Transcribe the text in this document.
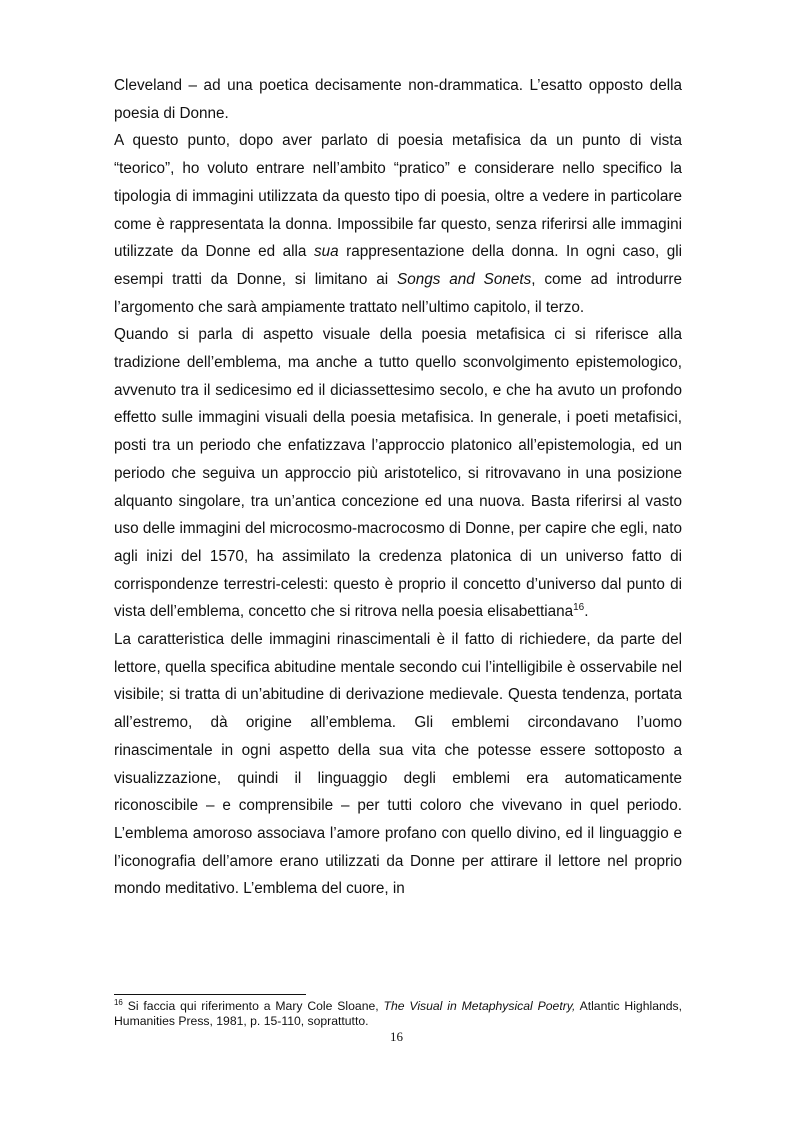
Cleveland – ad una poetica decisamente non-drammatica. L’esatto opposto della poesia di Donne.

A questo punto, dopo aver parlato di poesia metafisica da un punto di vista “teorico”, ho voluto entrare nell’ambito “pratico” e considerare nello specifico la tipologia di immagini utilizzata da questo tipo di poesia, oltre a vedere in particolare come è rappresentata la donna. Impossibile far questo, senza riferirsi alle immagini utilizzate da Donne ed alla sua rappresentazione della donna. In ogni caso, gli esempi tratti da Donne, si limitano ai Songs and Sonets, come ad introdurre l’argomento che sarà ampiamente trattato nell’ultimo capitolo, il terzo.

Quando si parla di aspetto visuale della poesia metafisica ci si riferisce alla tradizione dell’emblema, ma anche a tutto quello sconvolgimento epistemologico, avvenuto tra il sedicesimo ed il diciassettesimo secolo, e che ha avuto un profondo effetto sulle immagini visuali della poesia metafisica. In generale, i poeti metafisici, posti tra un periodo che enfatizzava l’approccio platonico all’epistemologia, ed un periodo che seguiva un approccio più aristotelico, si ritrovavano in una posizione alquanto singolare, tra un’antica concezione ed una nuova. Basta riferirsi al vasto uso delle immagini del microcosmo-macrocosmo di Donne, per capire che egli, nato agli inizi del 1570, ha assimilato la credenza platonica di un universo fatto di corrispondenze terrestri-celesti: questo è proprio il concetto d’universo dal punto di vista dell’emblema, concetto che si ritrova nella poesia elisabettiana$^{16}$.

La caratteristica delle immagini rinascimentali è il fatto di richiedere, da parte del lettore, quella specifica abitudine mentale secondo cui l’intelligibile è osservabile nel visibile; si tratta di un’abitudine di derivazione medievale. Questa tendenza, portata all’estremo, dà origine all’emblema. Gli emblemi circondavano l’uomo rinascimentale in ogni aspetto della sua vita che potesse essere sottoposto a visualizzazione, quindi il linguaggio degli emblemi era automaticamente riconoscibile – e comprensibile – per tutti coloro che vivevano in quel periodo. L’emblema amoroso associava l’amore profano con quello divino, ed il linguaggio e l’iconografia dell’amore erano utilizzati da Donne per attirare il lettore nel proprio mondo meditativo. L’emblema del cuore, in

$^{16}$ Si faccia qui riferimento a Mary Cole Sloane, The Visual in Metaphysical Poetry, Atlantic Highlands, Humanities Press, 1981, p. 15-110, soprattutto.

16
